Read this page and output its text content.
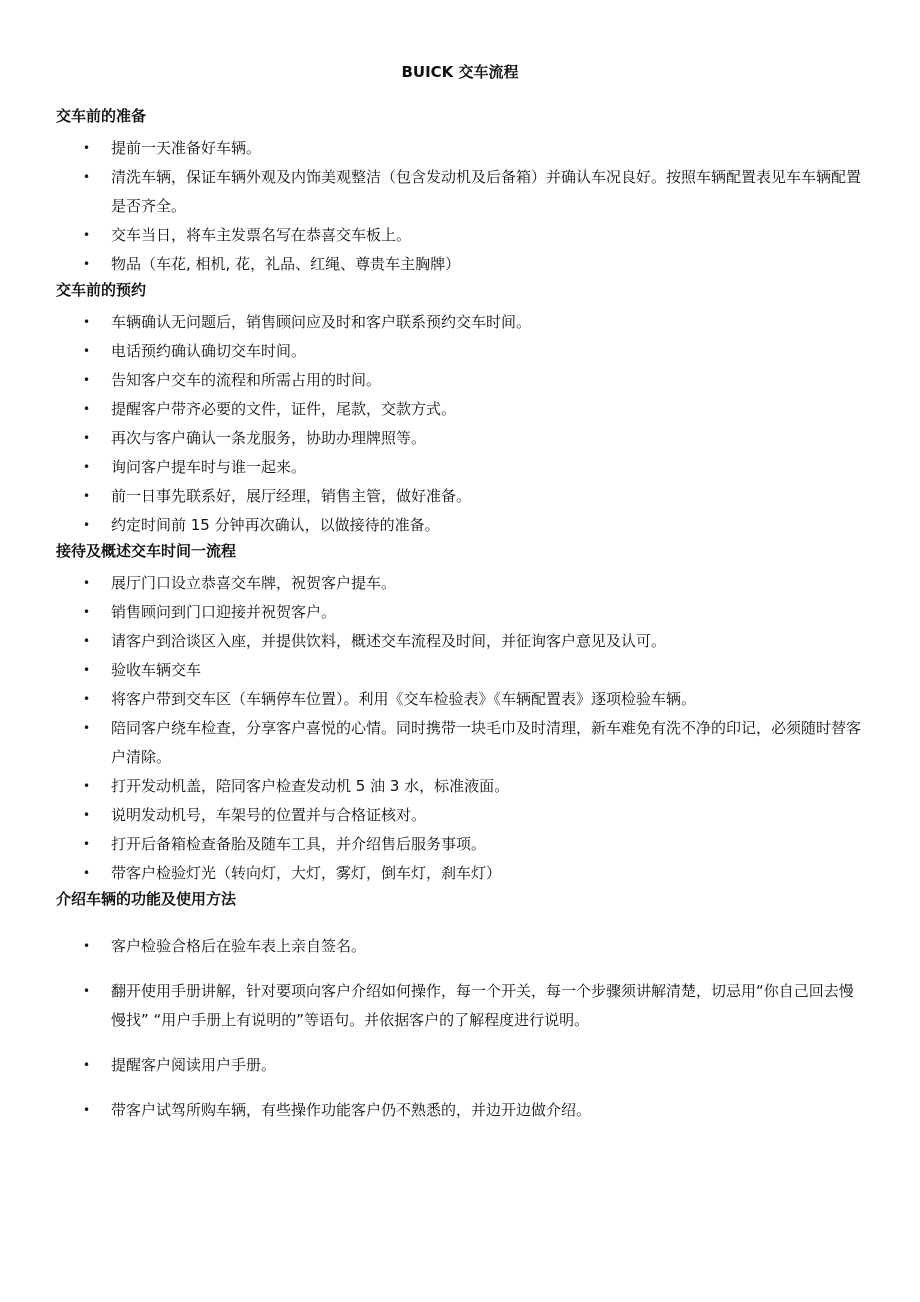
BUICK 交车流程
交车前的准备
• 提前一天准备好车辆。
• 清洗车辆，保证车辆外观及内饰美观整洁（包含发动机及后备箱）并确认车况良好。按照车辆配置表见车车辆配置是否齐全。
• 交车当日，将车主发票名写在恭喜交车板上。
• 物品（车花, 相机, 花，礼品、红绳、尊贵车主胸牌）
交车前的预约
• 车辆确认无问题后，销售顾问应及时和客户联系预约交车时间。
• 电话预约确认确切交车时间。
• 告知客户交车的流程和所需占用的时间。
• 提醒客户带齐必要的文件，证件，尾款，交款方式。
• 再次与客户确认一条龙服务，协助办理牌照等。
• 询问客户提车时与谁一起来。
• 前一日事先联系好，展厅经理，销售主管，做好准备。
• 约定时间前 15 分钟再次确认，以做接待的准备。
接待及概述交车时间一流程
• 展厅门口设立恭喜交车牌，祝贺客户提车。
• 销售顾问到门口迎接并祝贺客户。
• 请客户到洽谈区入座，并提供饮料，概述交车流程及时间，并征询客户意见及认可。
• 验收车辆交车
• 将客户带到交车区（车辆停车位置）。利用《交车检验表》《车辆配置表》逐项检验车辆。
• 陪同客户绕车检查，分享客户喜悦的心情。同时携带一块毛巾及时清理，新车难免有洗不净的印记，必须随时替客户清除。
• 打开发动机盖，陪同客户检查发动机 5 油 3 水，标准液面。
• 说明发动机号，车架号的位置并与合格证核对。
• 打开后备箱检查备胎及随车工具，并介绍售后服务事项。
• 带客户检验灯光（转向灯，大灯，雾灯，倒车灯，刹车灯）
介绍车辆的功能及使用方法
• 客户检验合格后在验车表上亲自签名。
• 翻开使用手册讲解，针对要项向客户介绍如何操作，每一个开关，每一个步骤须讲解清楚，切忌用“你自己回去慢慢找” “用户手册上有说明的”等语句。并依据客户的了解程度进行说明。
• 提醒客户阅读用户手册。
• 带客户试驾所购车辆，有些操作功能客户仍不熟悉的，并边开边做介绍。
